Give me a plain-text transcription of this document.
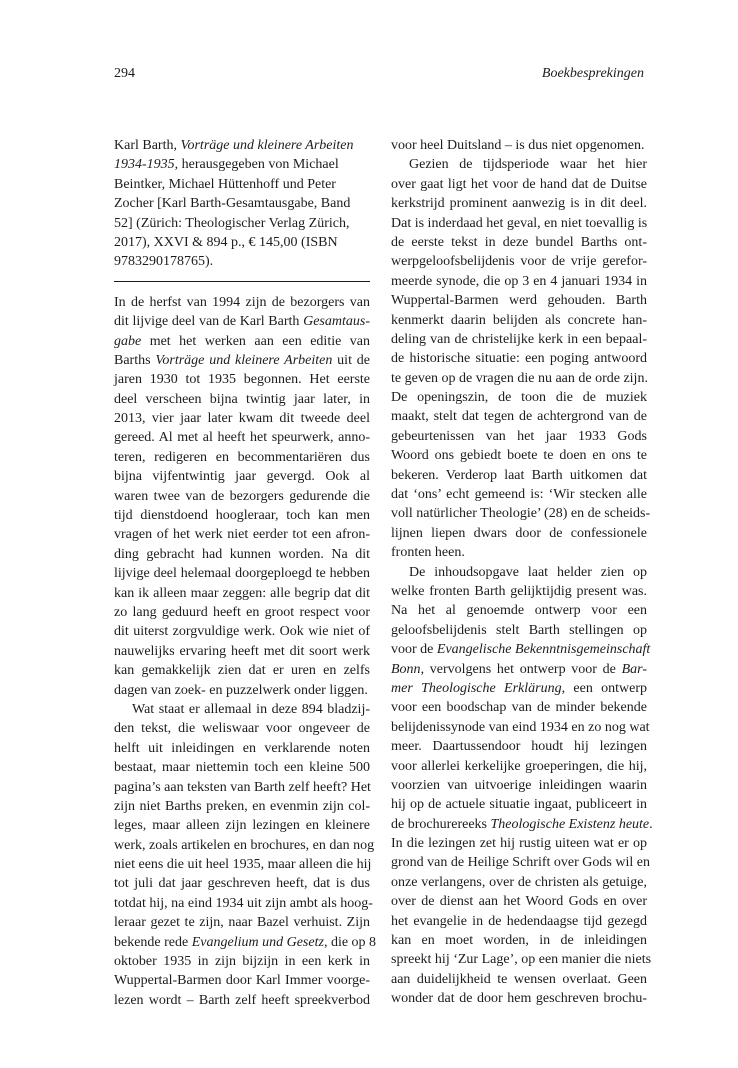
294	Boekbesprekingen
Karl Barth, Vorträge und kleinere Arbeiten
1934-1935, herausgegeben von Michael
Beintker, Michael Hüttenhoff und Peter
Zocher [Karl Barth-Gesamtausgabe, Band
52] (Zürich: Theologischer Verlag Zürich,
2017), XXVI & 894 p., € 145,00 (ISBN
9783290178765).
In de herfst van 1994 zijn de bezorgers van
dit lijvige deel van de Karl Barth Gesamtaus-
gabe met het werken aan een editie van
Barths Vorträge und kleinere Arbeiten uit de
jaren 1930 tot 1935 begonnen. Het eerste
deel verscheen bijna twintig jaar later, in
2013, vier jaar later kwam dit tweede deel
gereed. Al met al heeft het speurwerk, anno-
teren, redigeren en becommentariëren dus
bijna vijfentwintig jaar gevergd. Ook al
waren twee van de bezorgers gedurende die
tijd dienstdoend hoogleraar, toch kan men
vragen of het werk niet eerder tot een afron-
ding gebracht had kunnen worden. Na dit
lijvige deel helemaal doorgeploegd te hebben
kan ik alleen maar zeggen: alle begrip dat dit
zo lang geduurd heeft en groot respect voor
dit uiterst zorgvuldige werk. Ook wie niet of
nauwelijks ervaring heeft met dit soort werk
kan gemakkelijk zien dat er uren en zelfs
dagen van zoek- en puzzelwerk onder liggen.
Wat staat er allemaal in deze 894 bladzij-
den tekst, die weliswaar voor ongeveer de
helft uit inleidingen en verklarende noten
bestaat, maar niettemin toch een kleine 500
pagina’s aan teksten van Barth zelf heeft? Het
zijn niet Barths preken, en evenmin zijn col-
leges, maar alleen zijn lezingen en kleinere
werk, zoals artikelen en brochures, en dan nog
niet eens die uit heel 1935, maar alleen die hij
tot juli dat jaar geschreven heeft, dat is dus
totdat hij, na eind 1934 uit zijn ambt als hoog-
leraar gezet te zijn, naar Bazel verhuist. Zijn
bekende rede Evangelium und Gesetz, die op 8
oktober 1935 in zijn bijzijn in een kerk in
Wuppertal-Barmen door Karl Immer voorge-
lezen wordt – Barth zelf heeft spreekverbod
voor heel Duitsland – is dus niet opgenomen.
Gezien de tijdsperiode waar het hier
over gaat ligt het voor de hand dat de Duitse
kerkstrijd prominent aanwezig is in dit deel.
Dat is inderdaad het geval, en niet toevallig is
de eerste tekst in deze bundel Barths ont-
werpgeloofsbelijdenis voor de vrije gerefor-
meerde synode, die op 3 en 4 januari 1934 in
Wuppertal-Barmen werd gehouden. Barth
kenmerkt daarin belijden als concrete han-
deling van de christelijke kerk in een bepaal-
de historische situatie: een poging antwoord
te geven op de vragen die nu aan de orde zijn.
De openingszin, de toon die de muziek
maakt, stelt dat tegen de achtergrond van de
gebeurtenissen van het jaar 1933 Gods
Woord ons gebiedt boete te doen en ons te
bekeren. Verderop laat Barth uitkomen dat
dat ‘ons’ echt gemeend is: ‘Wir stecken alle
voll natürlicher Theologie’ (28) en de scheids-
lijnen liepen dwars door de confessionele
fronten heen.
De inhoudsopgave laat helder zien op
welke fronten Barth gelijktijdig present was.
Na het al genoemde ontwerp voor een
geloofsbelijdenis stelt Barth stellingen op
voor de Evangelische Bekenntnisgemeinschaft
Bonn, vervolgens het ontwerp voor de Bar-
mer Theologische Erklärung, een ontwerp
voor een boodschap van de minder bekende
belijdenissynode van eind 1934 en zo nog wat
meer. Daartussendoor houdt hij lezingen
voor allerlei kerkelijke groeperingen, die hij,
voorzien van uitvoerige inleidingen waarin
hij op de actuele situatie ingaat, publiceert in
de brochurereeks Theologische Existenz heute.
In die lezingen zet hij rustig uiteen wat er op
grond van de Heilige Schrift over Gods wil en
onze verlangens, over de christen als getuige,
over de dienst aan het Woord Gods en over
het evangelie in de hedendaagse tijd gezegd
kan en moet worden, in de inleidingen
spreekt hij ‘Zur Lage’, op een manier die niets
aan duidelijkheid te wensen overlaat. Geen
wonder dat de door hem geschreven brochu-
